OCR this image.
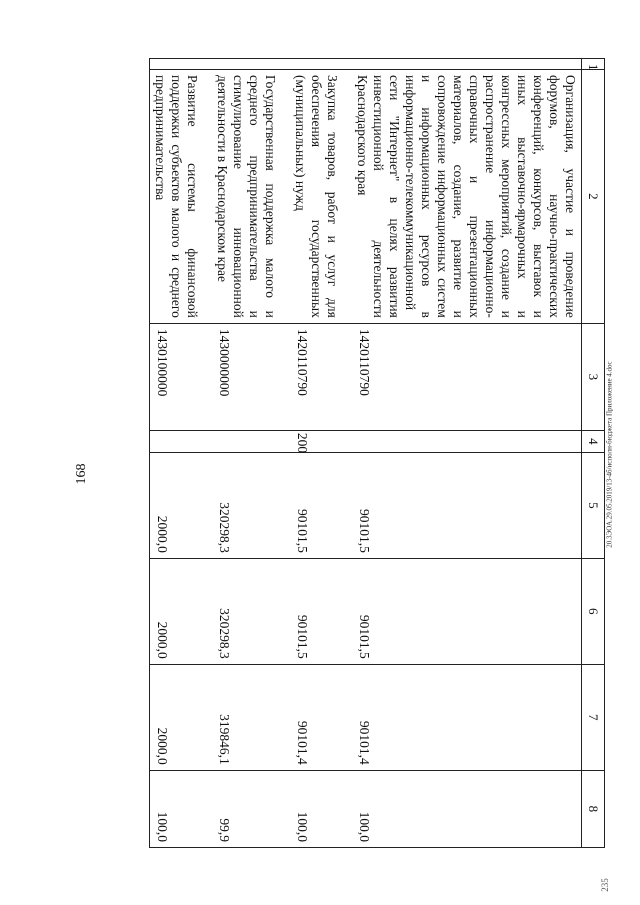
168
1	2	3	4	5	6	7	8
	Организация, участие и проведение форумов, научно-практических конференций, конкурсов, выставок и иных выставочно-ярмарочных и конгрессных мероприятий, создание и распространение информационно-справочных и презентационных материалов, создание, развитие и сопровождение информационных систем и информационных ресурсов в информационно-телекоммуникационной сети "Интернет" в целях развития инвестиционной деятельности Краснодарского края	1420110790		90101,5	90101,5	90101,4	100,0
	Закупка товаров, работ и услуг для обеспечения государственных (муниципальных) нужд	1420110790	200	90101,5	90101,5	90101,4	100,0
	Государственная поддержка малого и среднего предпринимательства и стимулирование инновационной деятельности в Краснодарском крае	1430000000		320298,3	320298,3	319846,1	99,9
	Развитие системы финансовой поддержки субъектов малого и среднего предпринимательства	1430100000		2000,0	2000,0	2000,0	100,0
20.3ЭОА.29.05.2019/13-4б/исполн-бюджета Приложение 4.doc
235
